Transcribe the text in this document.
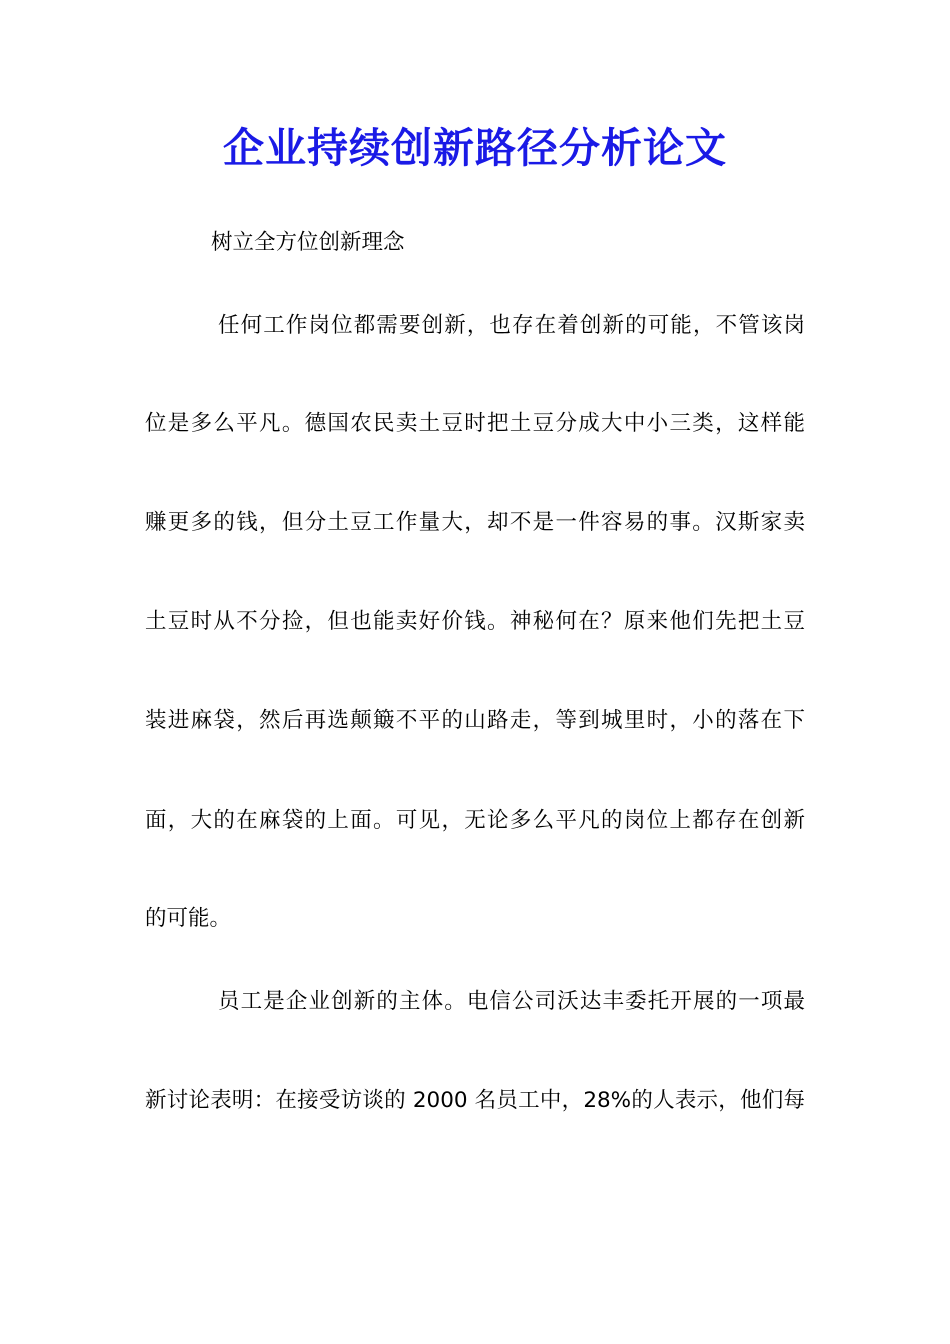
企业持续创新路径分析论文

树立全方位创新理念

任何工作岗位都需要创新，也存在着创新的可能，不管该岗

位是多么平凡。德国农民卖土豆时把土豆分成大中小三类，这样能

赚更多的钱，但分土豆工作量大，却不是一件容易的事。汉斯家卖

土豆时从不分捡，但也能卖好价钱。神秘何在？原来他们先把土豆

装进麻袋，然后再选颠簸不平的山路走，等到城里时，小的落在下

面，大的在麻袋的上面。可见，无论多么平凡的岗位上都存在创新

的可能。

员工是企业创新的主体。电信公司沃达丰委托开展的一项最

新讨论表明：在接受访谈的 2000 名员工中，28%的人表示，他们每
